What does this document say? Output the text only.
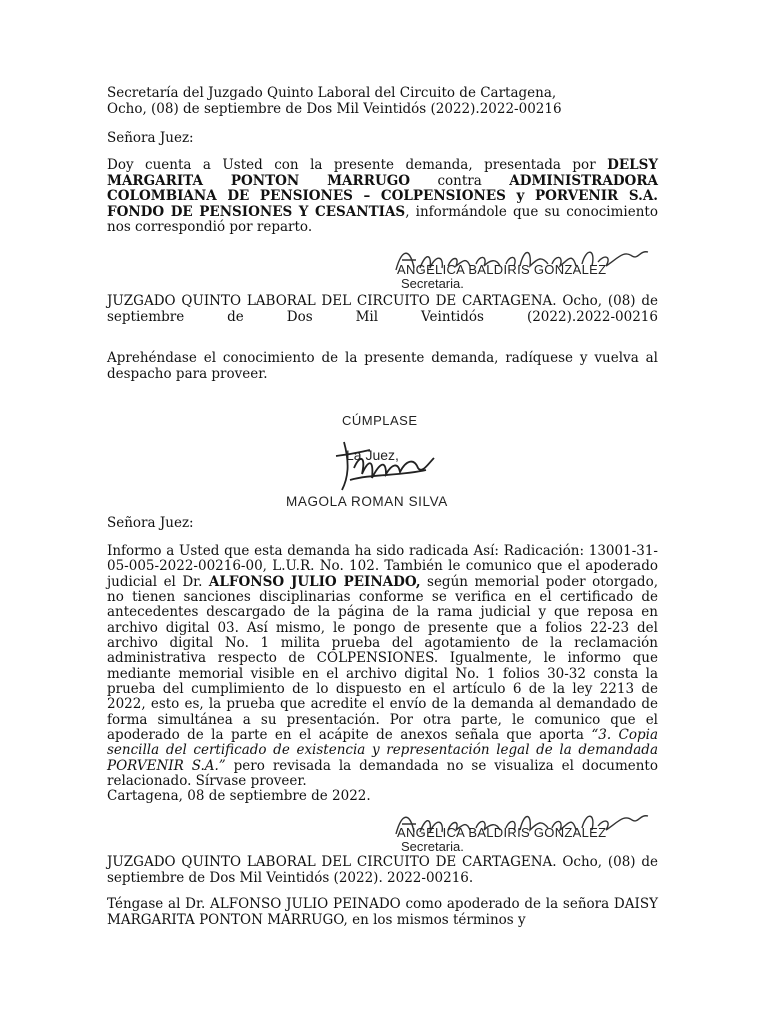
Secretaría del Juzgado Quinto Laboral del Circuito de Cartagena,
Ocho, (08) de septiembre de Dos Mil Veintidós (2022).2022-00216

Señora Juez:

Doy cuenta a Usted con la presente demanda, presentada por DELSY MARGARITA PONTON MARRUGO contra ADMINISTRADORA COLOMBIANA DE PENSIONES – COLPENSIONES y PORVENIR S.A. FONDO DE PENSIONES Y CESANTIAS, informándole que su conocimiento nos correspondió por reparto.

ANGELICA BALDIRIS GONZALEZ
Secretaria.

JUZGADO QUINTO LABORAL DEL CIRCUITO DE CARTAGENA. Ocho, (08) de septiembre de Dos Mil Veintidós (2022).2022-00216

Aprehéndase el conocimiento de la presente demanda, radíquese y vuelva al despacho para proveer.

CÚMPLASE
La Juez,
MAGOLA ROMAN SILVA

Señora Juez:

Informo a Usted que esta demanda ha sido radicada Así: Radicación: 13001-31-05-005-2022-00216-00, L.U.R. No. 102. También le comunico que el apoderado judicial el Dr. ALFONSO JULIO PEINADO, según memorial poder otorgado, no tienen sanciones disciplinarias conforme se verifica en el certificado de antecedentes descargado de la página de la rama judicial y que reposa en archivo digital 03. Así mismo, le pongo de presente que a folios 22-23 del archivo digital No. 1 milita prueba del agotamiento de la reclamación administrativa respecto de COLPENSIONES. Igualmente, le informo que mediante memorial visible en el archivo digital No. 1 folios 30-32 consta la prueba del cumplimiento de lo dispuesto en el artículo 6 de la ley 2213 de 2022, esto es, la prueba que acredite el envío de la demanda al demandado de forma simultánea a su presentación. Por otra parte, le comunico que el apoderado de la parte en el acápite de anexos señala que aporta “3. Copia sencilla del certificado de existencia y representación legal de la demandada PORVENIR S.A.” pero revisada la demandada no se visualiza el documento relacionado. Sírvase proveer.

Cartagena, 08 de septiembre de 2022.

ANGELICA BALDIRIS GONZALEZ
Secretaria.

JUZGADO QUINTO LABORAL DEL CIRCUITO DE CARTAGENA. Ocho, (08) de septiembre de Dos Mil Veintidós (2022). 2022-00216.

Téngase al Dr. ALFONSO JULIO PEINADO como apoderado de la señora DAISY MARGARITA PONTON MARRUGO, en los mismos términos y
